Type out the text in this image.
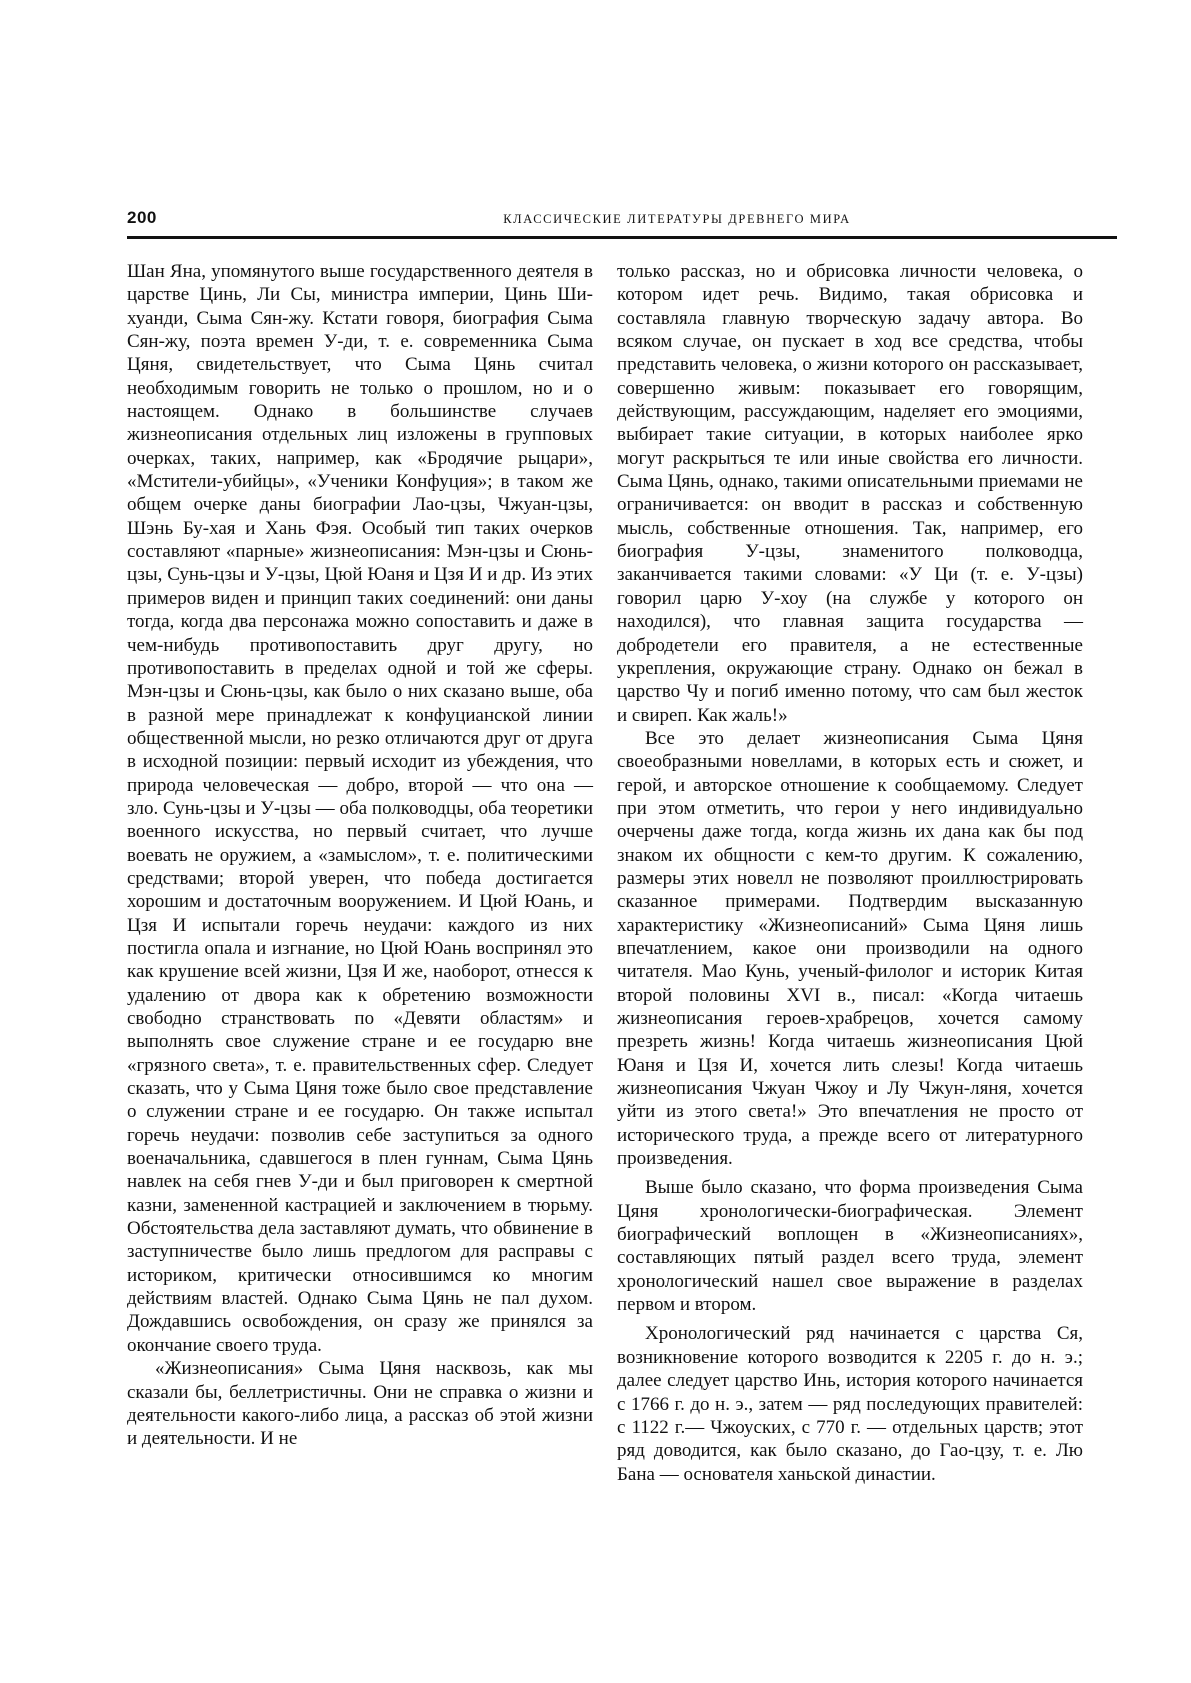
200	КЛАССИЧЕСКИЕ ЛИТЕРАТУРЫ ДРЕВНЕГО МИРА

Шан Яна, упомянутого выше государственного деятеля в царстве Цинь, Ли Сы, министра империи, Цинь Ши-хуанди, Сыма Сян-жу. Кстати говоря, биография Сыма Сян-жу, поэта времен У-ди, т. е. современника Сыма Цяня, свидетельствует, что Сыма Цянь считал необходимым говорить не только о прошлом, но и о настоящем. Однако в большинстве случаев жизнеописания отдельных лиц изложены в групповых очерках, таких, например, как «Бродячие рыцари», «Мстители-убийцы», «Ученики Конфуция»; в таком же общем очерке даны биографии Лао-цзы, Чжуан-цзы, Шэнь Бу-хая и Хань Фэя. Особый тип таких очерков составляют «парные» жизнеописания: Мэн-цзы и Сюнь-цзы, Сунь-цзы и У-цзы, Цюй Юаня и Цзя И и др. Из этих примеров виден и принцип таких соединений: они даны тогда, когда два персонажа можно сопоставить и даже в чем-нибудь противопоставить друг другу, но противопоставить в пределах одной и той же сферы. Мэн-цзы и Сюнь-цзы, как было о них сказано выше, оба в разной мере принадлежат к конфуцианской линии общественной мысли, но резко отличаются друг от друга в исходной позиции: первый исходит из убеждения, что природа человеческая — добро, второй — что она — зло. Сунь-цзы и У-цзы — оба полководцы, оба теоретики военного искусства, но первый считает, что лучше воевать не оружием, а «замыслом», т. е. политическими средствами; второй уверен, что победа достигается хорошим и достаточным вооружением. И Цюй Юань, и Цзя И испытали горечь неудачи: каждого из них постигла опала и изгнание, но Цюй Юань воспринял это как крушение всей жизни, Цзя И же, наоборот, отнесся к удалению от двора как к обретению возможности свободно странствовать по «Девяти областям» и выполнять свое служение стране и ее государю вне «грязного света», т. е. правительственных сфер. Следует сказать, что у Сыма Цяня тоже было свое представление о служении стране и ее государю. Он также испытал горечь неудачи: позволив себе заступиться за одного военачальника, сдавшегося в плен гуннам, Сыма Цянь навлек на себя гнев У-ди и был приговорен к смертной казни, замененной кастрацией и заключением в тюрьму. Обстоятельства дела заставляют думать, что обвинение в заступничестве было лишь предлогом для расправы с историком, критически относившимся ко многим действиям властей. Однако Сыма Цянь не пал духом. Дождавшись освобождения, он сразу же принялся за окончание своего труда.

«Жизнеописания» Сыма Цяня насквозь, как мы сказали бы, беллетристичны. Они не справка о жизни и деятельности какого-либо лица, а рассказ об этой жизни и деятельности. И не

только рассказ, но и обрисовка личности человека, о котором идет речь. Видимо, такая обрисовка и составляла главную творческую задачу автора. Во всяком случае, он пускает в ход все средства, чтобы представить человека, о жизни которого он рассказывает, совершенно живым: показывает его говорящим, действующим, рассуждающим, наделяет его эмоциями, выбирает такие ситуации, в которых наиболее ярко могут раскрыться те или иные свойства его личности. Сыма Цянь, однако, такими описательными приемами не ограничивается: он вводит в рассказ и собственную мысль, собственные отношения. Так, например, его биография У-цзы, знаменитого полководца, заканчивается такими словами: «У Ци (т. е. У-цзы) говорил царю У-хоу (на службе у которого он находился), что главная защита государства — добродетели его правителя, а не естественные укрепления, окружающие страну. Однако он бежал в царство Чу и погиб именно потому, что сам был жесток и свиреп. Как жаль!»

Все это делает жизнеописания Сыма Цяня своеобразными новеллами, в которых есть и сюжет, и герой, и авторское отношение к сообщаемому. Следует при этом отметить, что герои у него индивидуально очерчены даже тогда, когда жизнь их дана как бы под знаком их общности с кем-то другим. К сожалению, размеры этих новелл не позволяют проиллюстрировать сказанное примерами. Подтвердим высказанную характеристику «Жизнеописаний» Сыма Цяня лишь впечатлением, какое они производили на одного читателя. Мао Кунь, ученый-филолог и историк Китая второй половины XVI в., писал: «Когда читаешь жизнеописания героев-храбрецов, хочется самому презреть жизнь! Когда читаешь жизнеописания Цюй Юаня и Цзя И, хочется лить слезы! Когда читаешь жизнеописания Чжуан Чжоу и Лу Чжун-ляня, хочется уйти из этого света!» Это впечатления не просто от исторического труда, а прежде всего от литературного произведения.

Выше было сказано, что форма произведения Сыма Цяня хронологически-биографическая. Элемент биографический воплощен в «Жизнеописаниях», составляющих пятый раздел всего труда, элемент хронологический нашел свое выражение в разделах первом и втором.

Хронологический ряд начинается с царства Ся, возникновение которого возводится к 2205 г. до н. э.; далее следует царство Инь, история которого начинается с 1766 г. до н. э., затем — ряд последующих правителей: с 1122 г.— Чжоуских, с 770 г. — отдельных царств; этот ряд доводится, как было сказано, до Гао-цзу, т. е. Лю Бана — основателя ханьской династии.
